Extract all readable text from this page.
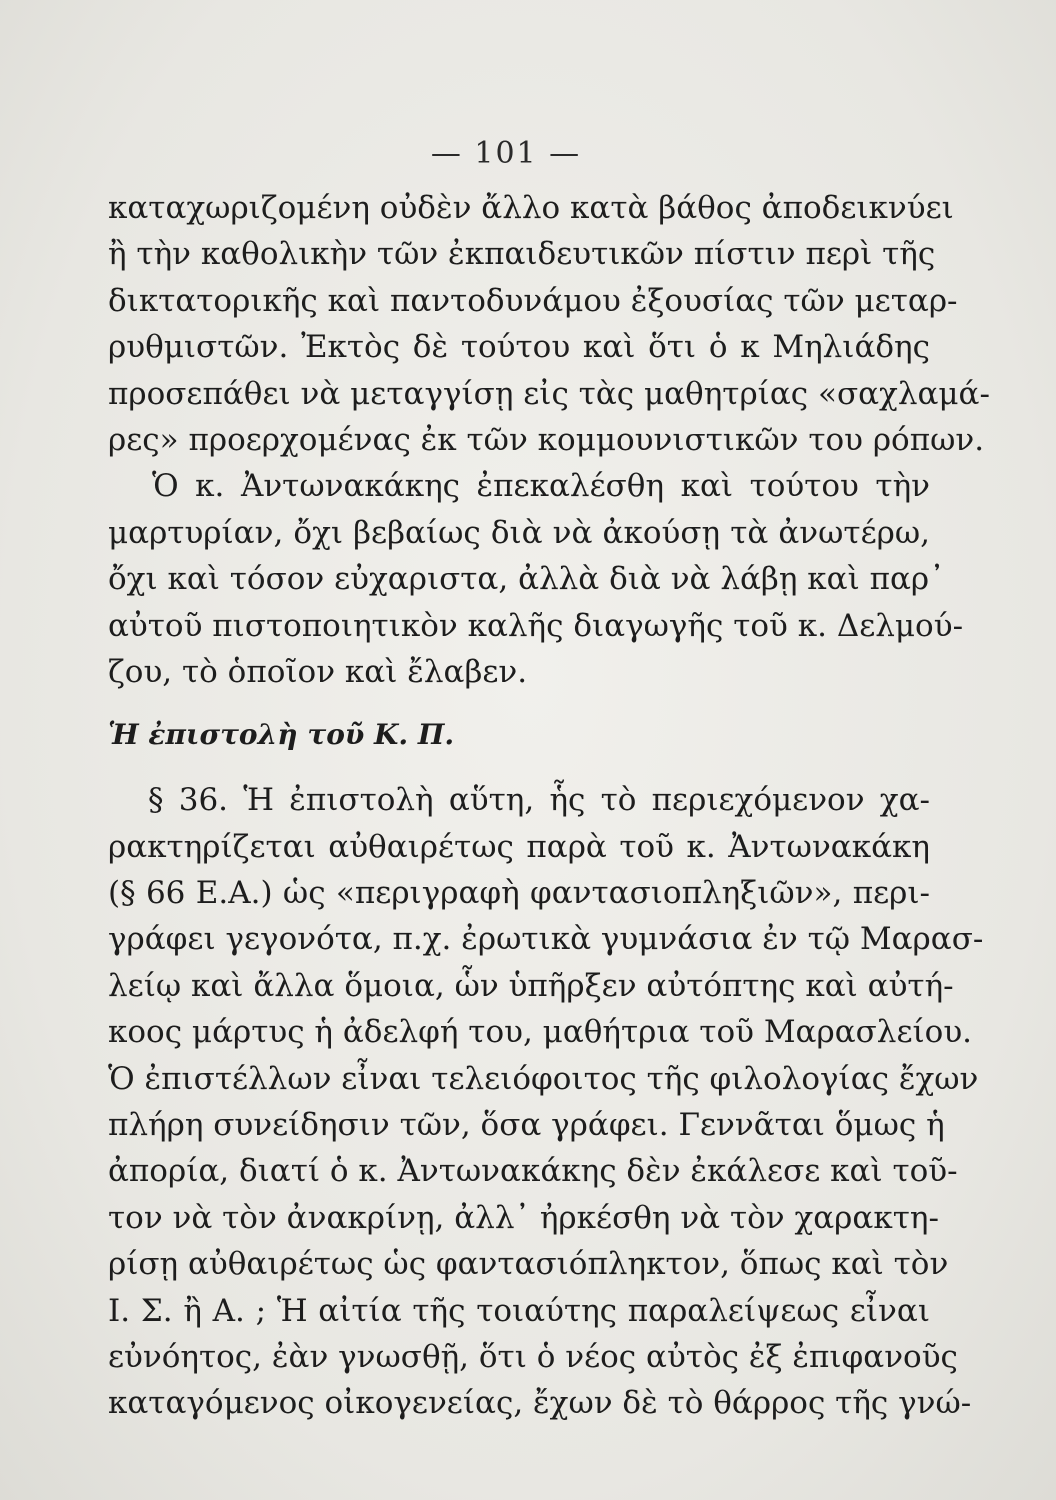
— 101 —
καταχωριζομένη οὐδὲν ἄλλο κατὰ βάθος ἀποδεικνύει
ἢ τὴν καθολικὴν τῶν ἐκπαιδευτικῶν πίστιν περὶ τῆς
δικτατορικῆς καὶ παντοδυνάμου ἐξουσίας τῶν μεταρ-
ρυθμιστῶν. Ἐκτὸς δὲ τούτου καὶ ὅτι ὁ κ Μηλιάδης
προσεπάθει νὰ μεταγγίσῃ εἰς τὰς μαθητρίας «σαχλαμά-
ρες» προερχομένας ἐκ τῶν κομμουνιστικῶν του ρόπων.
Ὁ κ. Ἀντωνακάκης ἐπεκαλέσθη καὶ τούτου τὴν
μαρτυρίαν, ὄχι βεβαίως διὰ νὰ ἀκούσῃ τὰ ἀνωτέρω,
ὄχι καὶ τόσον εὐχαριστα, ἀλλὰ διὰ νὰ λάβῃ καὶ παρ᾽
αὐτοῦ πιστοποιητικὸν καλῆς διαγωγῆς τοῦ κ. Δελμού-
ζου, τὸ ὁποῖον καὶ ἔλαβεν.
Ἡ ἐπιστολὴ τοῦ Κ. Π.
§ 36. Ἡ ἐπιστολὴ αὕτη, ἧς τὸ περιεχόμενον χα-
ρακτηρίζεται αὐθαιρέτως παρὰ τοῦ κ. Ἀντωνακάκη
(§ 66 Ε.Α.) ὡς «περιγραφὴ φαντασιοπληξιῶν», περι-
γράφει γεγονότα, π.χ. ἐρωτικὰ γυμνάσια ἐν τῷ Μαρασ-
λείῳ καὶ ἄλλα ὅμοια, ὧν ὑπῆρξεν αὐτόπτης καὶ αὐτή-
κοος μάρτυς ἡ ἀδελφή του, μαθήτρια τοῦ Μαρασλείου.
Ὁ ἐπιστέλλων εἶναι τελειόφοιτος τῆς φιλολογίας ἔχων
πλήρη συνείδησιν τῶν, ὅσα γράφει. Γεννᾶται ὅμως ἡ
ἀπορία, διατί ὁ κ. Ἀντωνακάκης δὲν ἐκάλεσε καὶ τοῦ-
τον νὰ τὸν ἀνακρίνῃ, ἀλλ᾽ ἠρκέσθη νὰ τὸν χαρακτη-
ρίσῃ αὐθαιρέτως ὡς φαντασιόπληκτον, ὅπως καὶ τὸν
Ι. Σ. ἢ Α. ; Ἡ αἰτία τῆς τοιαύτης παραλείψεως εἶναι
εὐνόητος, ἐὰν γνωσθῇ, ὅτι ὁ νέος αὐτὸς ἐξ ἐπιφανοῦς
καταγόμενος οἰκογενείας, ἔχων δὲ τὸ θάρρος τῆς γνώ-
